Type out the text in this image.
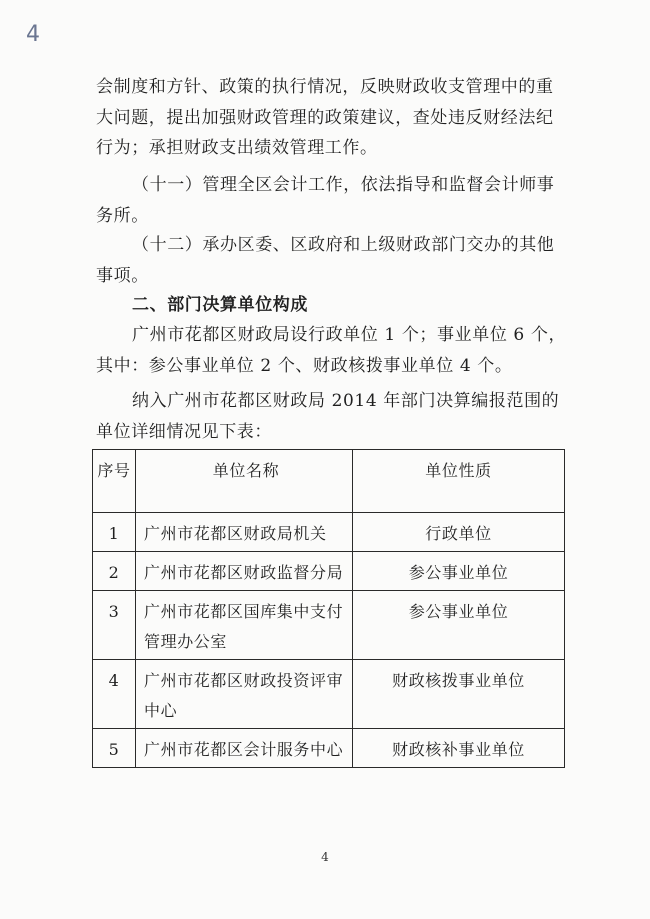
4

会制度和方针、政策的执行情况，反映财政收支管理中的重
大问题，提出加强财政管理的政策建议，查处违反财经法纪
行为；承担财政支出绩效管理工作。

（十一）管理全区会计工作，依法指导和监督会计师事
务所。

（十二）承办区委、区政府和上级财政部门交办的其他
事项。

二、部门决算单位构成

广州市花都区财政局设行政单位 1 个；事业单位 6 个，
其中：参公事业单位 2 个、财政核拨事业单位 4 个。

纳入广州市花都区财政局 2014 年部门决算编报范围的
单位详细情况见下表：

序号	单位名称	单位性质
1	广州市花都区财政局机关	行政单位
2	广州市花都区财政监督分局	参公事业单位
3	广州市花都区国库集中支付管理办公室	参公事业单位
4	广州市花都区财政投资评审中心	财政核拨事业单位
5	广州市花都区会计服务中心	财政核补事业单位
4
